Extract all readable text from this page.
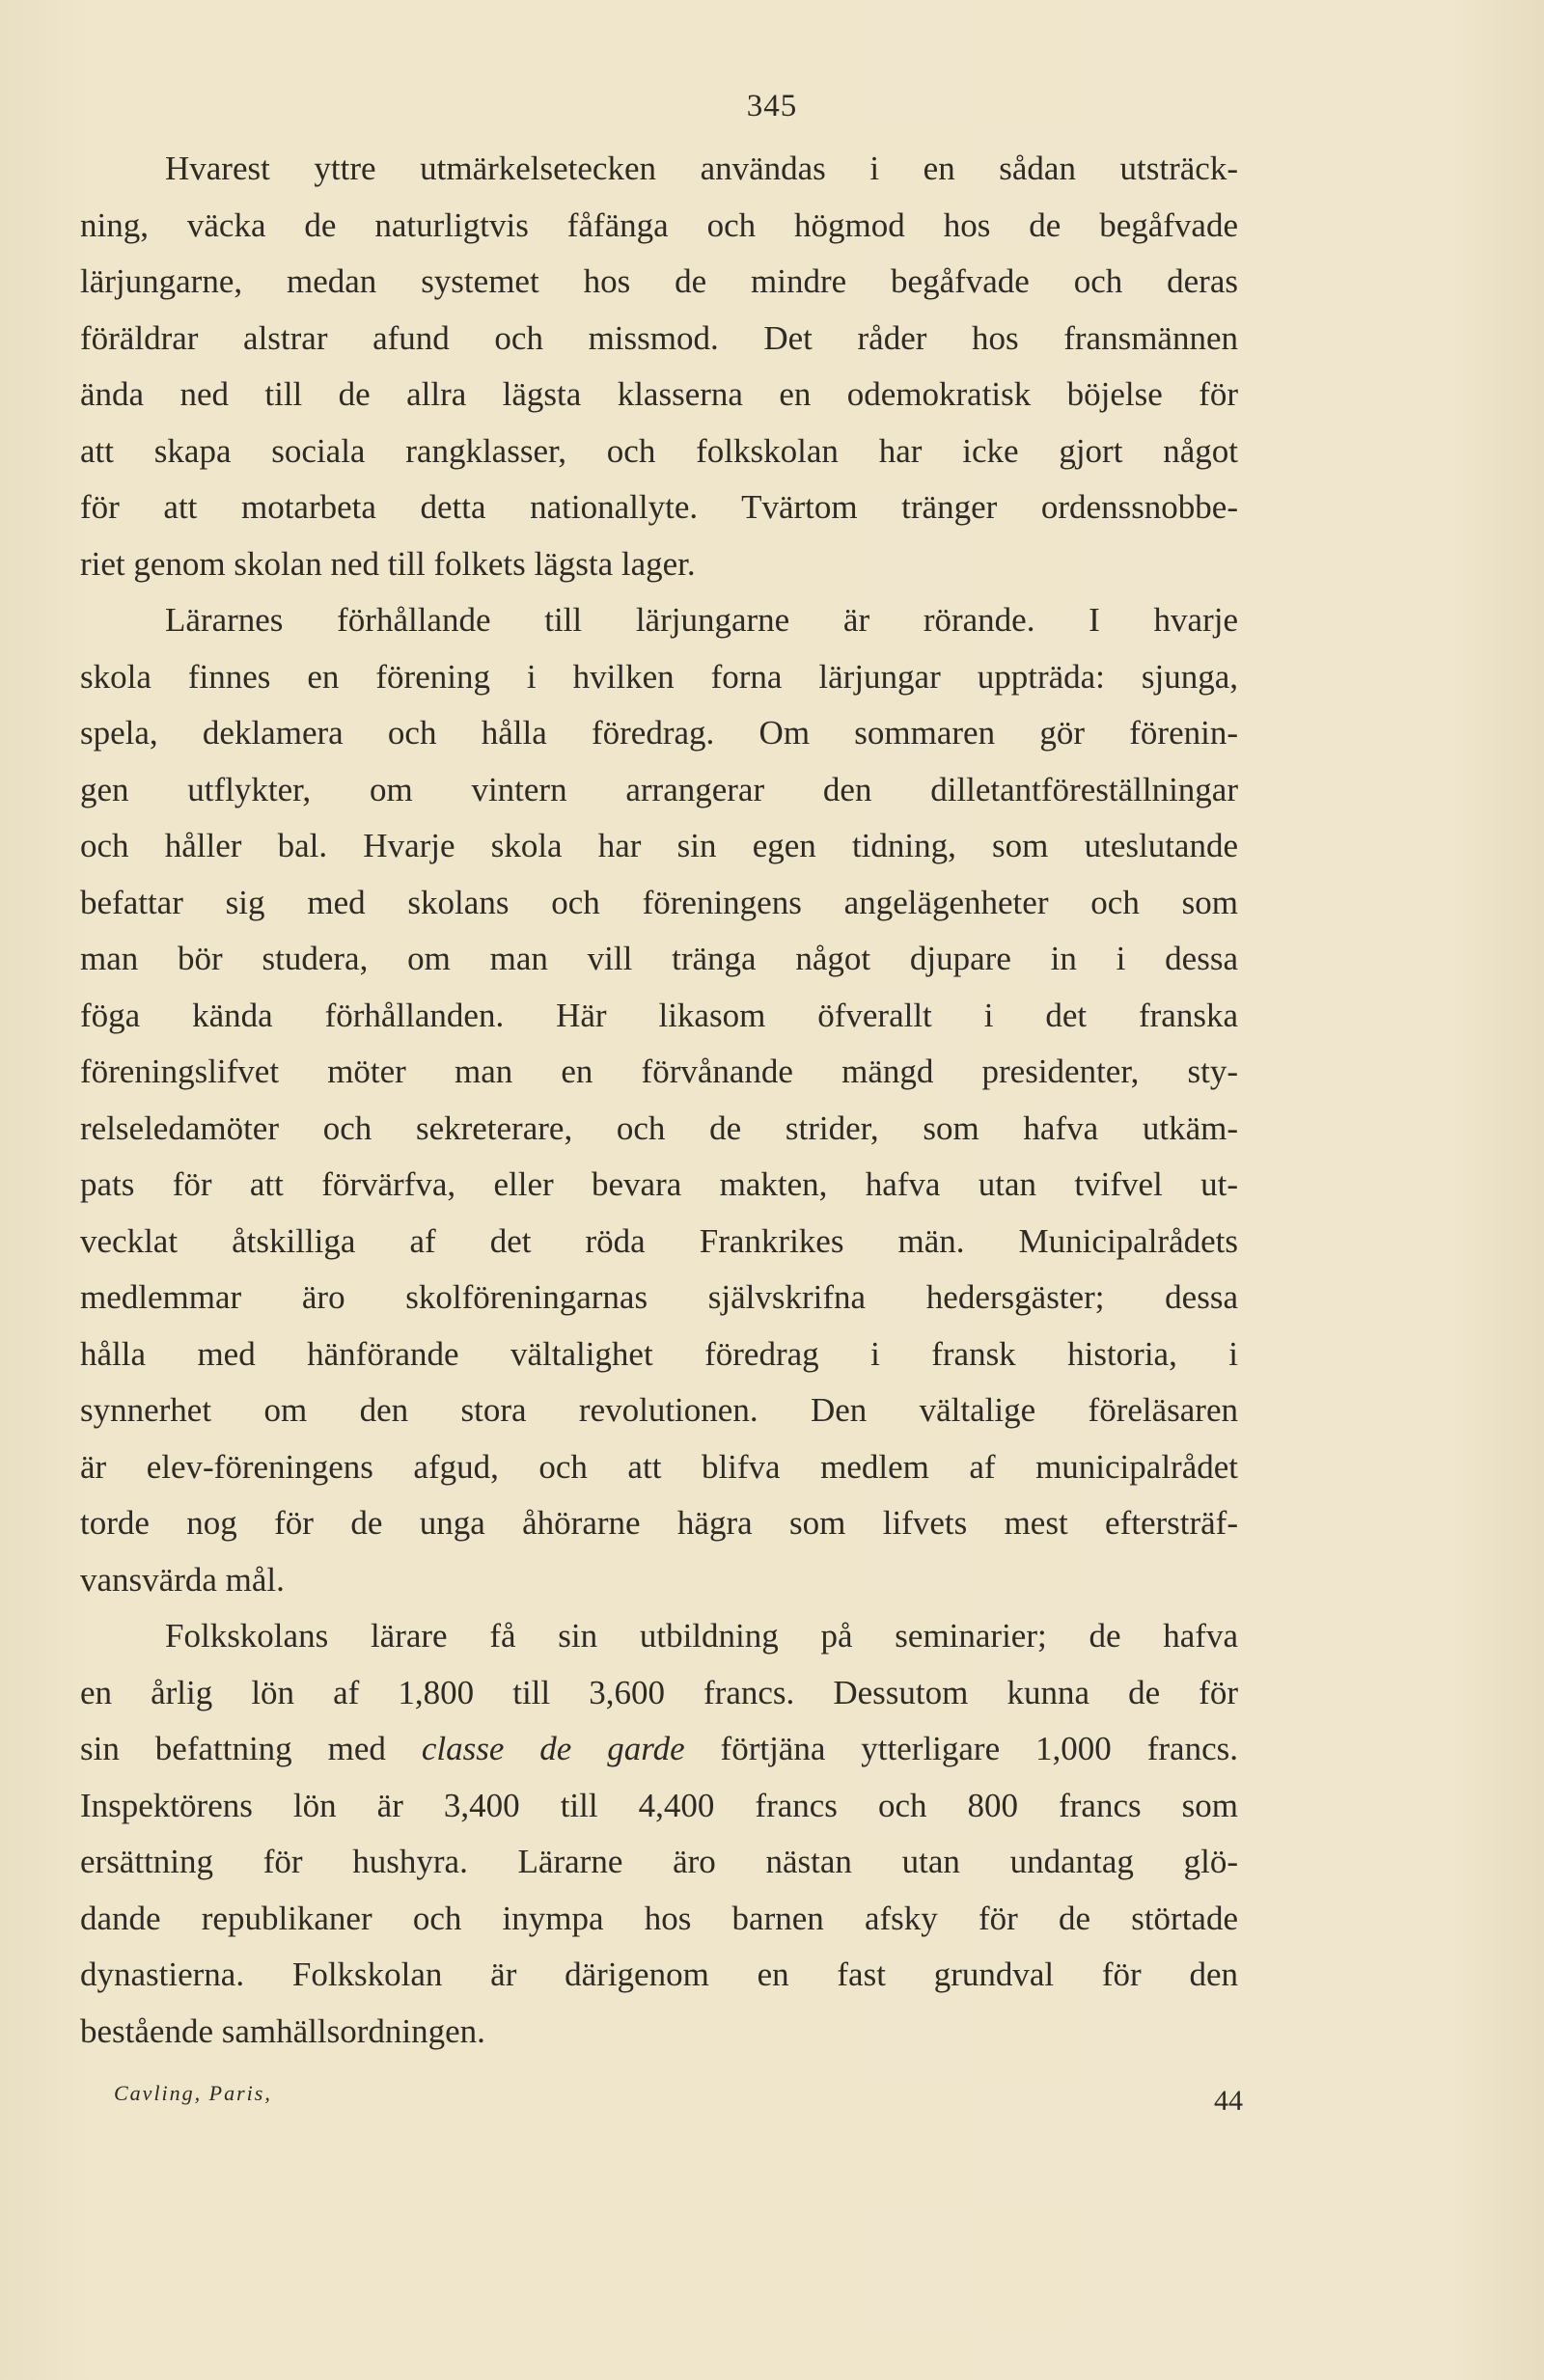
345
Hvarest yttre utmärkelsetecken användas i en sådan utsträck-
ning, väcka de naturligtvis fåfänga och högmod hos de begåfvade
lärjungarne, medan systemet hos de mindre begåfvade och deras
föräldrar alstrar afund och missmod. Det råder hos fransmännen
ända ned till de allra lägsta klasserna en odemokratisk böjelse för
att skapa sociala rangklasser, och folkskolan har icke gjort något
för att motarbeta detta nationallyte. Tvärtom tränger ordenssnobbe-
riet genom skolan ned till folkets lägsta lager.
Lärarnes förhållande till lärjungarne är rörande. I hvarje
skola finnes en förening i hvilken forna lärjungar uppträda: sjunga,
spela, deklamera och hålla föredrag. Om sommaren gör förenin-
gen utflykter, om vintern arrangerar den dilletantföreställningar
och håller bal. Hvarje skola har sin egen tidning, som uteslutande
befattar sig med skolans och föreningens angelägenheter och som
man bör studera, om man vill tränga något djupare in i dessa
föga kända förhållanden. Här likasom öfverallt i det franska
föreningslifvet möter man en förvånande mängd presidenter, sty-
relseledamöter och sekreterare, och de strider, som hafva utkäm-
pats för att förvärfva, eller bevara makten, hafva utan tvifvel ut-
vecklat åtskilliga af det röda Frankrikes män. Municipalrådets
medlemmar äro skolföreningarnas självskrifna hedersgäster; dessa
hålla med hänförande vältalighet föredrag i fransk historia, i
synnerhet om den stora revolutionen. Den vältalige föreläsaren
är elev-föreningens afgud, och att blifva medlem af municipalrådet
torde nog för de unga åhörarne hägra som lifvets mest eftersträf-
vansvärda mål.
Folkskolans lärare få sin utbildning på seminarier; de hafva
en årlig lön af 1,800 till 3,600 francs. Dessutom kunna de för
sin befattning med classe de garde förtjäna ytterligare 1,000 francs.
Inspektörens lön är 3,400 till 4,400 francs och 800 francs som
ersättning för hushyra. Lärarne äro nästan utan undantag glö-
dande republikaner och inympa hos barnen afsky för de störtade
dynastierna. Folkskolan är därigenom en fast grundval för den
bestående samhällsordningen.
Cavling, Paris,	44
